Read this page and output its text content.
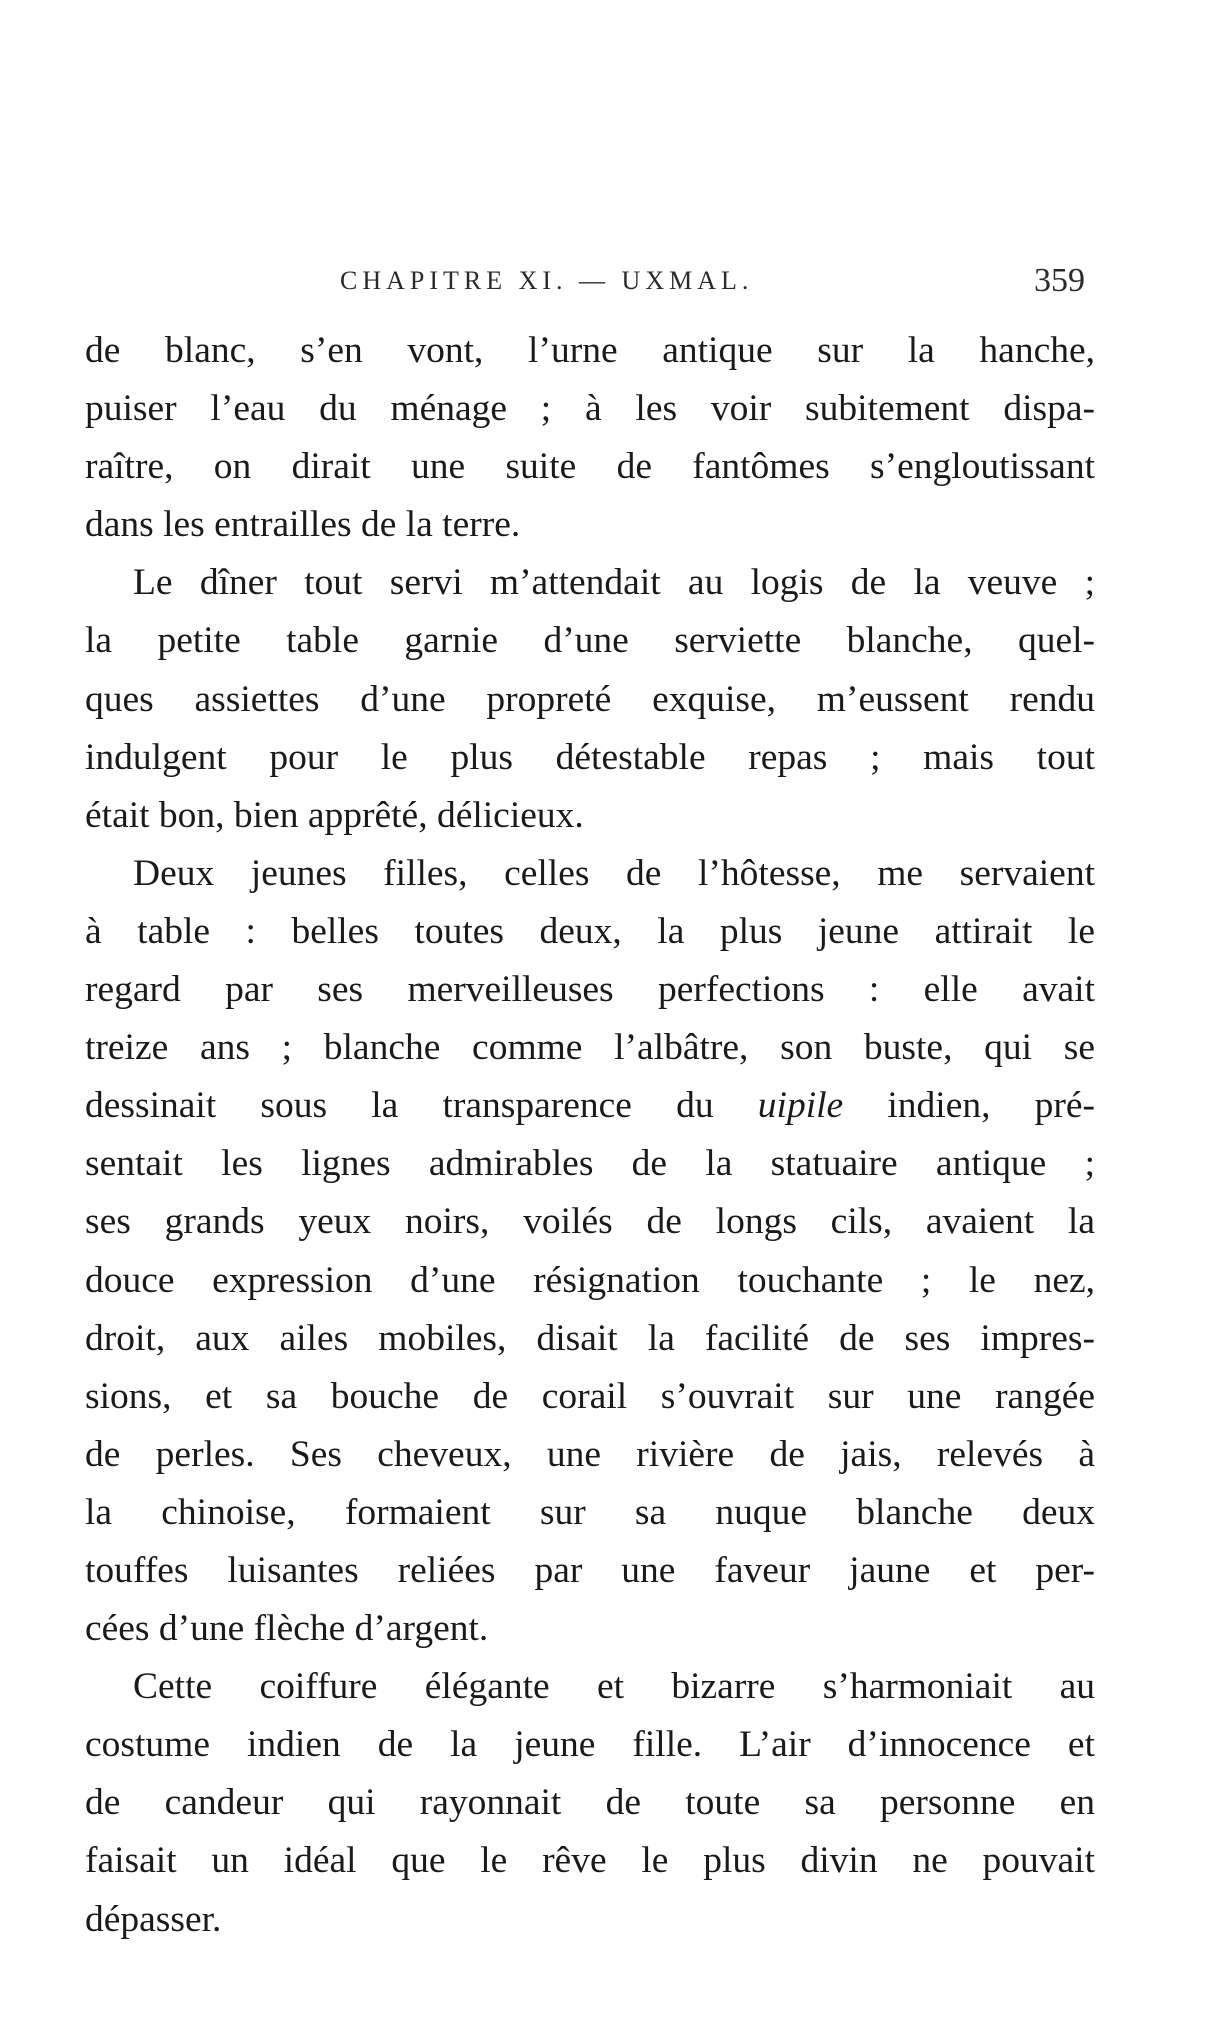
CHAPITRE XI. — UXMAL.	359

de blanc, s’en vont, l’urne antique sur la hanche,
puiser l’eau du ménage ; à les voir subitement dispa-
raître, on dirait une suite de fantômes s’engloutissant
dans les entrailles de la terre.

Le dîner tout servi m’attendait au logis de la veuve ;
la petite table garnie d’une serviette blanche, quel-
ques assiettes d’une propreté exquise, m’eussent rendu
indulgent pour le plus détestable repas ; mais tout
était bon, bien apprêté, délicieux.

Deux jeunes filles, celles de l’hôtesse, me servaient
à table : belles toutes deux, la plus jeune attirait le
regard par ses merveilleuses perfections : elle avait
treize ans ; blanche comme l’albâtre, son buste, qui se
dessinait sous la transparence du uipile indien, pré-
sentait les lignes admirables de la statuaire antique ;
ses grands yeux noirs, voilés de longs cils, avaient la
douce expression d’une résignation touchante ; le nez,
droit, aux ailes mobiles, disait la facilité de ses impres-
sions, et sa bouche de corail s’ouvrait sur une rangée
de perles. Ses cheveux, une rivière de jais, relevés à
la chinoise, formaient sur sa nuque blanche deux
touffes luisantes reliées par une faveur jaune et per-
cées d’une flèche d’argent.

Cette coiffure élégante et bizarre s’harmoniait au
costume indien de la jeune fille. L’air d’innocence et
de candeur qui rayonnait de toute sa personne en
faisait un idéal que le rêve le plus divin ne pouvait
dépasser.
